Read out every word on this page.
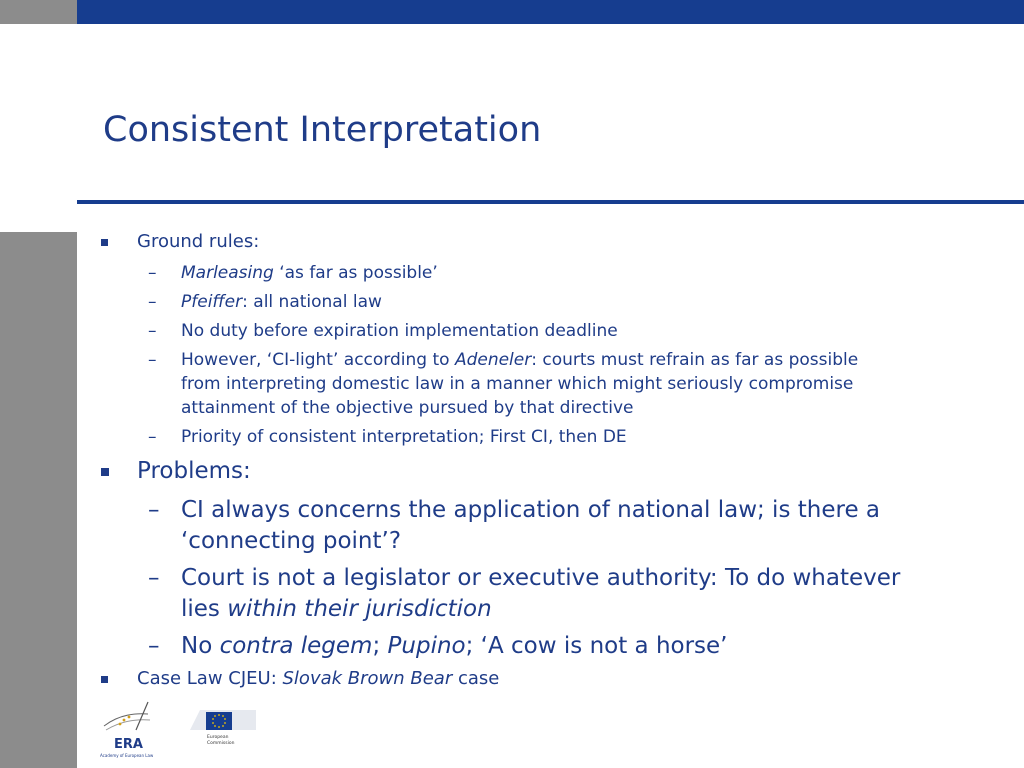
Consistent Interpretation
Ground rules:
– Marleasing ‘as far as possible’
– Pfeiffer: all national law
– No duty before expiration implementation deadline
– However, ‘CI-light’ according to Adeneler: courts must refrain as far as possible
from interpreting domestic law in a manner which might seriously compromise
attainment of the objective pursued by that directive
– Priority of consistent interpretation; First CI, then DE
Problems:
– CI always concerns the application of national law; is there a
‘connecting point’?
– Court is not a legislator or executive authority: To do whatever
lies within their jurisdiction
– No contra legem; Pupino; ‘A cow is not a horse’
Case Law CJEU: Slovak Brown Bear case
ERA
Academy of European Law
European
Commission
